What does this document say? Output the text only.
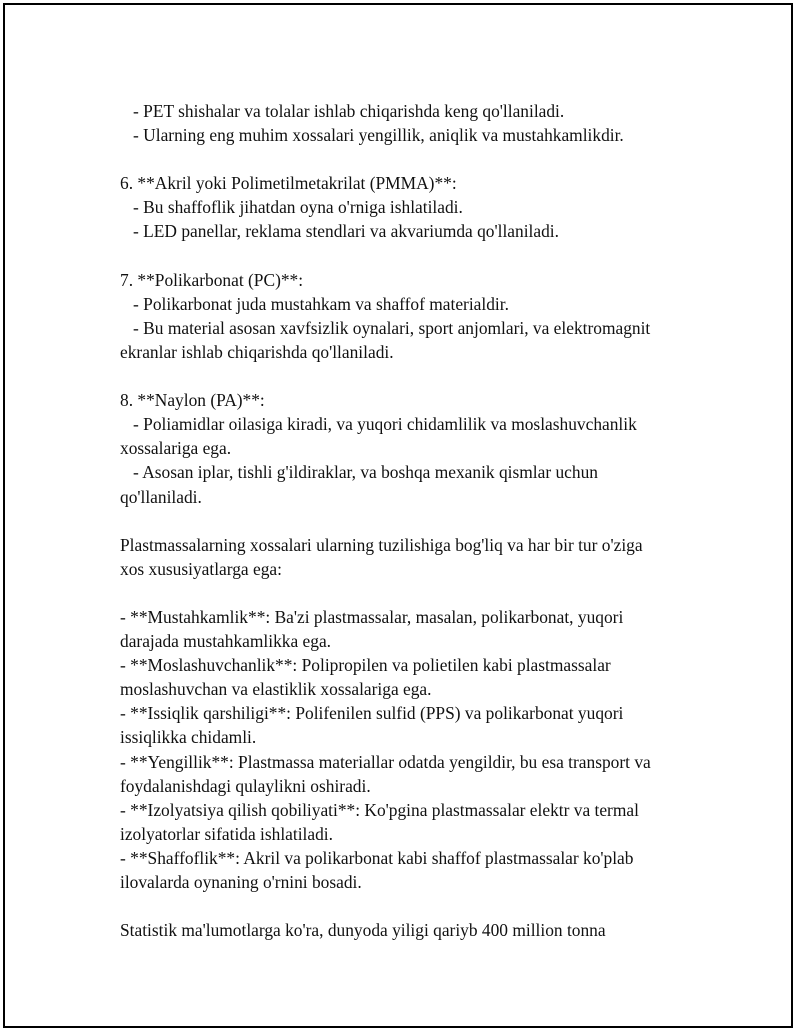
- PET shishalar va tolalar ishlab chiqarishda keng qo'llaniladi.
- Ularning eng muhim xossalari yengillik, aniqlik va mustahkamlikdir.
6. **Akril yoki Polimetilmetakrilat (PMMA)**:
- Bu shaffoflik jihatdan oyna o'rniga ishlatiladi.
- LED panellar, reklama stendlari va akvariumda qo'llaniladi.
7. **Polikarbonat (PC)**:
- Polikarbonat juda mustahkam va shaffof materialdir.
- Bu material asosan xavfsizlik oynalari, sport anjomlari, va elektromagnit
ekranlar ishlab chiqarishda qo'llaniladi.
8. **Naylon (PA)**:
- Poliamidlar oilasiga kiradi, va yuqori chidamlilik va moslashuvchanlik
xossalariga ega.
- Asosan iplar, tishli g'ildiraklar, va boshqa mexanik qismlar uchun
qo'llaniladi.
Plastmassalarning xossalari ularning tuzilishiga bog'liq va har bir tur o'ziga
xos xususiyatlarga ega:
- **Mustahkamlik**: Ba'zi plastmassalar, masalan, polikarbonat, yuqori
darajada mustahkamlikka ega.
- **Moslashuvchanlik**: Polipropilen va polietilen kabi plastmassalar
moslashuvchan va elastiklik xossalariga ega.
- **Issiqlik qarshiligi**: Polifenilen sulfid (PPS) va polikarbonat yuqori
issiqlikka chidamli.
- **Yengillik**: Plastmassa materiallar odatda yengildir, bu esa transport va
foydalanishdagi qulaylikni oshiradi.
- **Izolyatsiya qilish qobiliyati**: Ko'pgina plastmassalar elektr va termal
izolyatorlar sifatida ishlatiladi.
- **Shaffoflik**: Akril va polikarbonat kabi shaffof plastmassalar ko'plab
ilovalarda oynaning o'rnini bosadi.
Statistik ma'lumotlarga ko'ra, dunyoda yiligi qariyb 400 million tonna
